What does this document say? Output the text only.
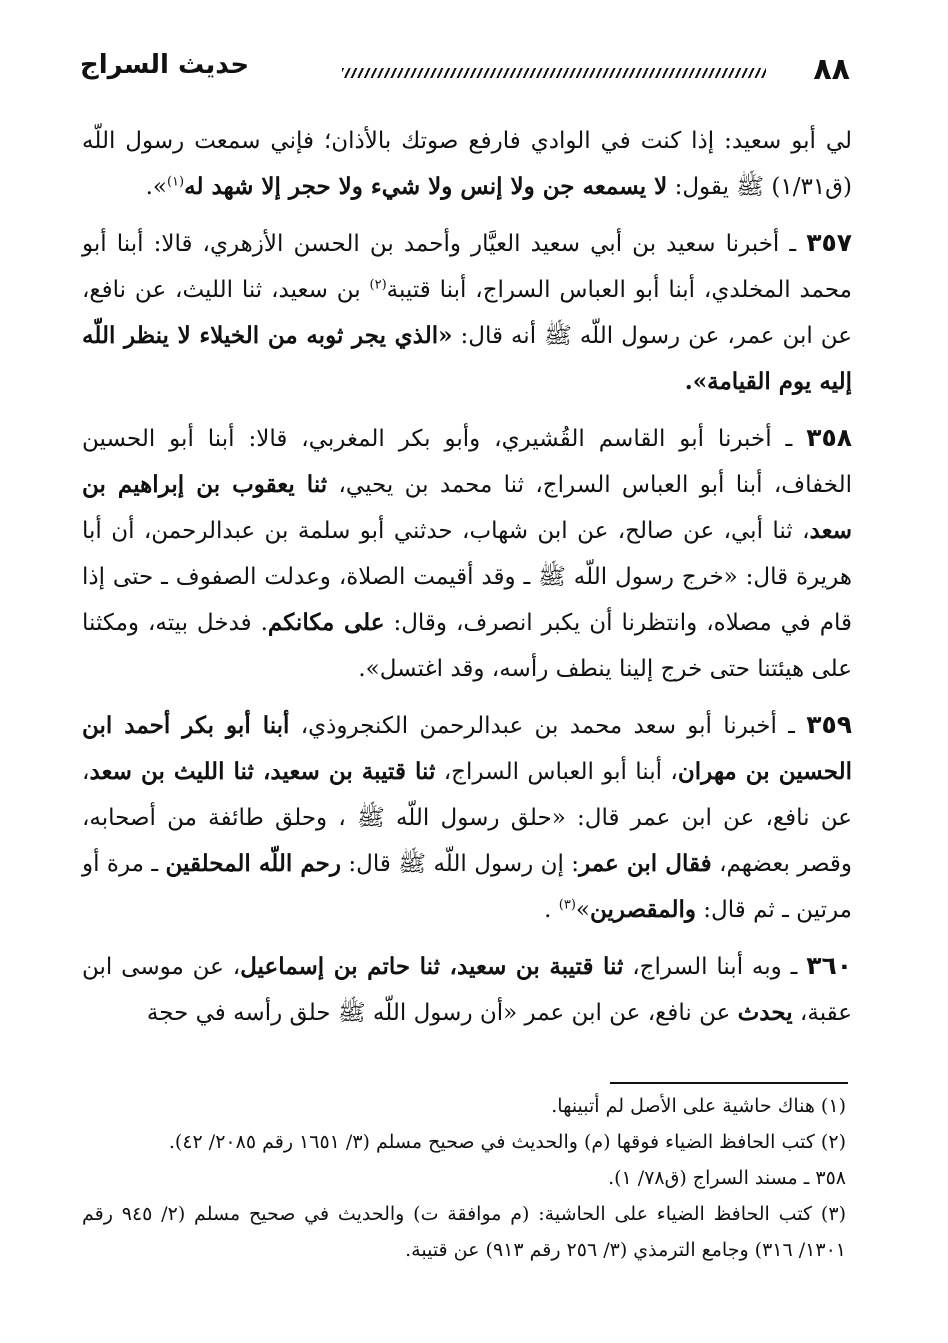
٨٨
حديث السراج

لي أبو سعيد: إذا كنت في الوادي فارفع صوتك بالأذان؛ فإني سمعت رسول اللّه (ق١/٣١) ﷺ يقول: لا يسمعه جن ولا إنس ولا شيء ولا حجر إلا شهد له$^{(١)}$».

٣٥٧ ـ أخبرنا سعيد بن أبي سعيد العيَّار وأحمد بن الحسن الأزهري، قالا: أبنا أبو محمد المخلدي، أبنا أبو العباس السراج، أبنا قتيبة$^{(٢)}$ بن سعيد، ثنا الليث، عن نافع، عن ابن عمر، عن رسول اللّه ﷺ أنه قال: «الذي يجر ثوبه من الخيلاء لا ينظر اللّه إليه يوم القيامة».

٣٥٨ ـ أخبرنا أبو القاسم القُشيري، وأبو بكر المغربي، قالا: أبنا أبو الحسين الخفاف، أبنا أبو العباس السراج، ثنا محمد بن يحيي، ثنا يعقوب بن إبراهيم بن سعد، ثنا أبي، عن صالح، عن ابن شهاب، حدثني أبو سلمة بن عبدالرحمن، أن أبا هريرة قال: «خرج رسول اللّه ﷺ ـ وقد أقيمت الصلاة، وعدلت الصفوف ـ حتى إذا قام في مصلاه، وانتظرنا أن يكبر انصرف، وقال: على مكانكم. فدخل بيته، ومكثنا على هيئتنا حتى خرج إلينا ينطف رأسه، وقد اغتسل».

٣٥٩ ـ أخبرنا أبو سعد محمد بن عبدالرحمن الكنجروذي، أبنا أبو بكر أحمد ابن الحسين بن مهران، أبنا أبو العباس السراج، ثنا قتيبة بن سعيد، ثنا الليث بن سعد، عن نافع، عن ابن عمر قال: «حلق رسول اللّه ﷺ ، وحلق طائفة من أصحابه، وقصر بعضهم، فقال ابن عمر: إن رسول اللّه ﷺ قال: رحم اللّه المحلقين ـ مرة أو مرتين ـ ثم قال: والمقصرين»$^{(٣)}$ .

٣٦٠ ـ وبه أبنا السراج، ثنا قتيبة بن سعيد، ثنا حاتم بن إسماعيل، عن موسى ابن عقبة، يحدث عن نافع، عن ابن عمر «أن رسول اللّه ﷺ حلق رأسه في حجة

(١) هناك حاشية على الأصل لم أتبينها.

(٢) كتب الحافظ الضياء فوقها (م) والحديث في صحيح مسلم (٣/ ١٦٥١ رقم ٢٠٨٥/ ٤٢).

٣٥٨ ـ مسند السراج (ق٧٨/ ١).

(٣) كتب الحافظ الضياء على الحاشية: (م موافقة ت) والحديث في صحيح مسلم (٢/ ٩٤٥ رقم ١٣٠١/ ٣١٦) وجامع الترمذي (٣/ ٢٥٦ رقم ٩١٣) عن قتيبة.
